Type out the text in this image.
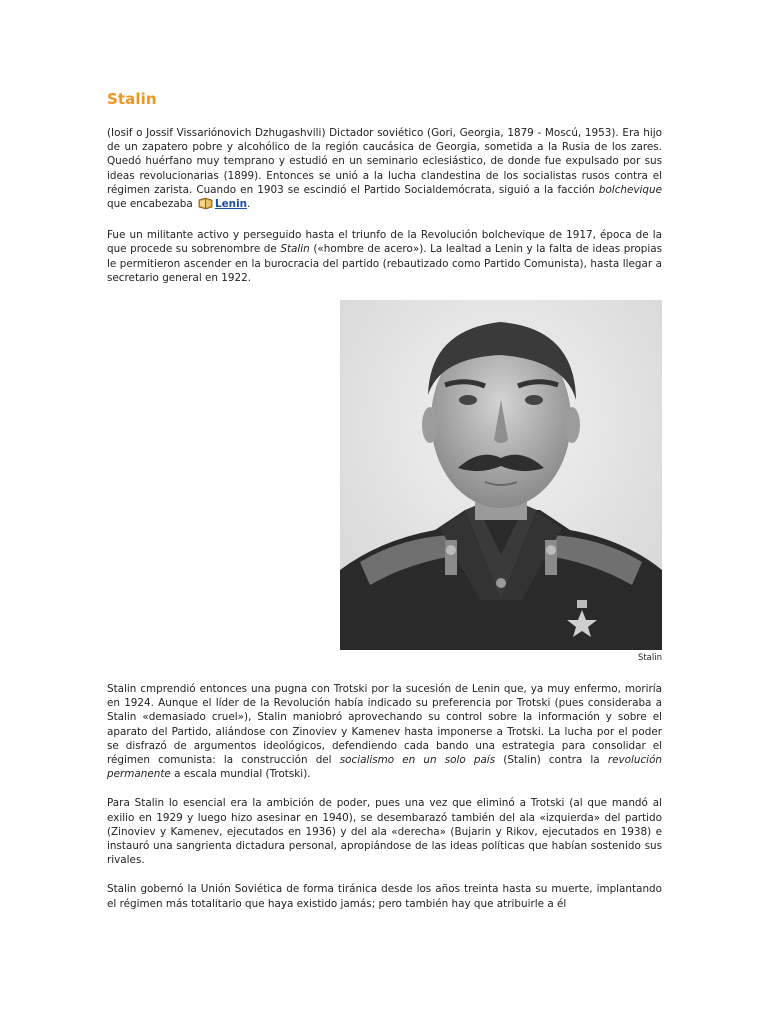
Stalin

(Iosif o Jossif Vissariónovich Dzhugashvili) Dictador soviético (Gori, Georgia, 1879 - Moscú, 1953). Era hijo de un zapatero pobre y alcohólico de la región caucásica de Georgia, sometida a la Rusia de los zares. Quedó huérfano muy temprano y estudió en un seminario eclesiástico, de donde fue expulsado por sus ideas revolucionarias (1899). Entonces se unió a la lucha clandestina de los socialistas rusos contra el régimen zarista. Cuando en 1903 se escindió el Partido Socialdemócrata, siguió a la facción bolchevique que encabezaba Lenin.

Fue un militante activo y perseguido hasta el triunfo de la Revolución bolchevique de 1917, época de la que procede su sobrenombre de Stalin («hombre de acero»). La lealtad a Lenin y la falta de ideas propias le permitieron ascender en la burocracia del partido (rebautizado como Partido Comunista), hasta llegar a secretario general en 1922.

Stalin

Stalin cmprendió entonces una pugna con Trotski por la sucesión de Lenin que, ya muy enfermo, moriría en 1924. Aunque el líder de la Revolución había indicado su preferencia por Trotski (pues consideraba a Stalin «demasiado cruel»), Stalin maniobró aprovechando su control sobre la información y sobre el aparato del Partido, aliándose con Zinoviev y Kamenev hasta imponerse a Trotski. La lucha por el poder se disfrazó de argumentos ideológicos, defendiendo cada bando una estrategia para consolidar el régimen comunista: la construcción del socialismo en un solo país (Stalin) contra la revolución permanente a escala mundial (Trotski).

Para Stalin lo esencial era la ambición de poder, pues una vez que eliminó a Trotski (al que mandó al exilio en 1929 y luego hizo asesinar en 1940), se desembarazó también del ala «izquierda» del partido (Zinoviev y Kamenev, ejecutados en 1936) y del ala «derecha» (Bujarin y Rikov, ejecutados en 1938) e instauró una sangrienta dictadura personal, apropiándose de las ideas políticas que habían sostenido sus rivales.

Stalin gobernó la Unión Soviética de forma tiránica desde los años treinta hasta su muerte, implantando el régimen más totalitario que haya existido jamás; pero también hay que atribuirle a él
